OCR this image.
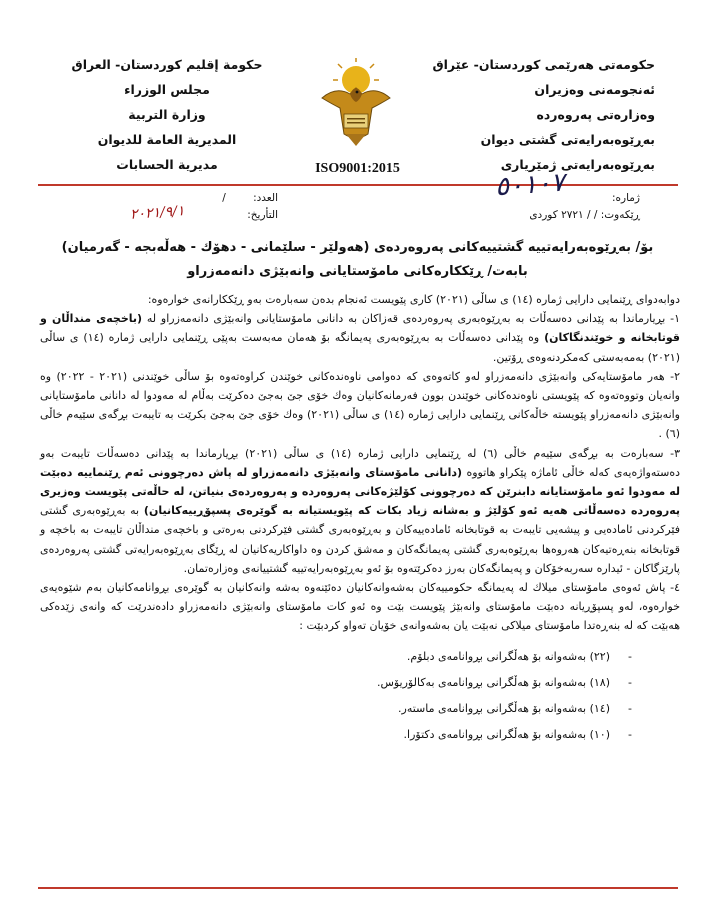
حكومەتی هەرێمی كوردستان- عێراق
ئەنجومەنی وەزیران
وەزارەتی پەروەردە
بەڕێوەبەرایەتی گشتی دیوان
بەڕێوەبەرایەتی ژمێریاری
ISO9001:2015
حكومة إقليم كوردستان- العراق
مجلس الوزراء
وزارة التربية
المديرية العامة للديوان
مديرية الحسابات
٥٠١٠٧	ژمارە:
ڕێكەوت: / / ٢٧٢١ كوردی
العدد: /
التأريخ:
٢٠٢١/٩/١
بۆ/ بەڕێوەبەرایەتییە گشتییەكانی پەروەردەی (هەولێر - سلێمانی - دهۆك - هەڵەبجە - گەرمیان)
بابەت/ ڕێككارەكانی مامۆستایانی وانەبێژی دانەمەزراو

دوابەدوای ڕێنمایی دارایی ژمارە (١٤) ی ساڵی (٢٠٢١) كاری پێویست ئەنجام بدەن سەبارەت بەو ڕێككارانەی خوارەوە:

١- بڕیارماندا بە پێدانی دەسەڵات بە بەڕێوەبەری پەروەردەی قەزاكان بە دانانی مامۆستایانی وانەبێژی دانەمەزراو لە (باخچەی منداڵان و قوتابخانە و خوێندنگاكان) وە پێدانی دەسەڵات بە بەڕێوەبەری پەیمانگە بۆ هەمان مەبەست بەپێی ڕێنمایی دارایی ژمارە (١٤) ی ساڵی (٢٠٢١) بەمەبەستی كەمكردنەوەی ڕۆتین.

٢- هەر مامۆستایەكی وانەبێژی دانەمەزراو لەو كاتەوەی كە دەوامی ناوەندەكانی خوێندن كراوەتەوە بۆ ساڵی خوێندنی (٢٠٢١ - ٢٠٢٢) وە وانەیان وتووەتەوە كە پێویستی ناوەندەكانی خوێندن بوون فەرمانەكانیان وەك خۆی جێ بەجێ دەكرێت بەڵام لە مەودوا لە دانانی مامۆستایانی وانەبێژی دانەمەزراو پێویستە خاڵەكانی ڕێنمایی دارایی ژمارە (١٤) ی ساڵی (٢٠٢١) وەك خۆی جێ بەجێ بكرێت بە تایبەت بڕگەی سێیەم خاڵی (٦) .

٣- سەبارەت بە بڕگەی سێیەم خاڵی (٦) لە ڕێنمایی دارایی ژمارە (١٤) ی ساڵی (٢٠٢١) بڕیارماندا بە پێدانی دەسەڵات تایبەت بەو دەستەواژەیەی كەلە خاڵی ئاماژە پێكراو هاتووە (دانانی مامۆستای وانەبێژی دانەمەزراو لە پاش دەرچوونی ئەم ڕێنماییە دەبێت لە مەودوا ئەو مامۆستایانە دابنرێن كە دەرچوونی كۆلێژەكانی پەروەردە و پەروەردەی بنیاتن، لە حاڵەتی پێویست وەزیری پەروەردە دەسەڵاتی هەیە ئەو كۆلێژ و بەشانە زیاد بكات كە پێویستیانە بە گوێرەی پسپۆڕییەكانیان) بە بەڕێوەبەری گشتی فێركردنی ئامادەیی و پیشەیی تایبەت بە قوتابخانە ئامادەییەكان و بەڕێوەبەری گشتی فێركردنی بەرەتی و باخچەی منداڵان تایبەت بە باخچە و قوتابخانە بنەڕەتیەكان هەروەها بەڕێوەبەری گشتی پەیمانگەكان و مەشق كردن وە داواكاریەكانیان لە ڕێگای بەڕێوەبەرایەتی گشتی پەروەردەی پارێزگاكان - ئیدارە سەربەخۆكان و پەیمانگەكان بەرز دەكرێتەوە بۆ ئەو بەڕێوەبەرایەتییە گشتییانەی وەزارەتمان.

٤- پاش ئەوەی مامۆستای میلاك لە پەیمانگە حكومییەكان بەشەوانەكانیان دەئێنەوە بەشە وانەكانیان بە گوێرەی بڕوانامەكانیان بەم شێوەیەی خوارەوە، لەو پسپۆڕیانە دەبێت مامۆستای وانەبێژ پێویست بێت وە ئەو كات مامۆستای وانەبێژی دانەمەزراو دادەندرێت كە وانەی زێدەكی هەبێت كە لە بنەڕەتدا مامۆستای میلاكی نەبێت یان بەشەوانەی خۆیان تەواو كردبێت :

-(٢٢) بەشەوانە بۆ هەڵگرانی بڕوانامەی دبلۆم.
-(١٨) بەشەوانە بۆ هەڵگرانی بڕوانامەی بەكالۆریۆس.
-(١٤) بەشەوانە بۆ هەڵگرانی بڕوانامەی ماستەر.
-(١٠) بەشەوانە بۆ هەڵگرانی بڕوانامەی دكتۆرا.
